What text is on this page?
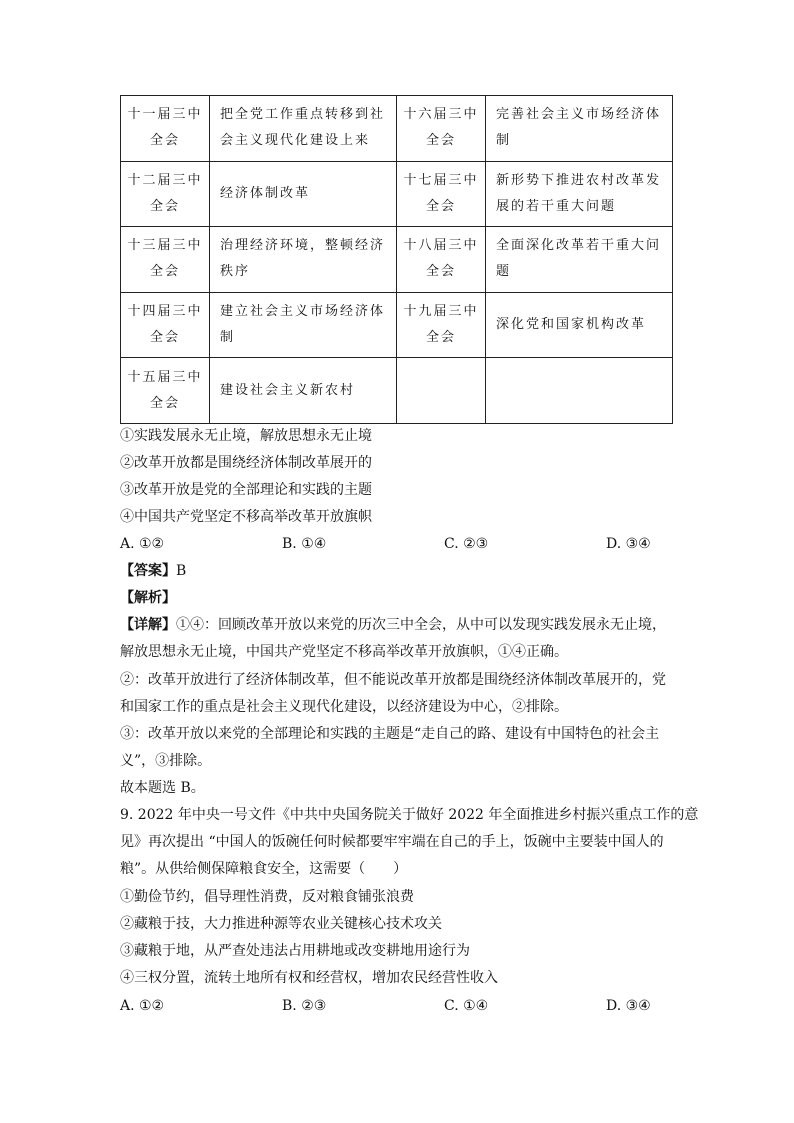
十一届三中全会	把全党工作重点转移到社会主义现代化建设上来	十六届三中全会	完善社会主义市场经济体制
十二届三中全会	经济体制改革	十七届三中全会	新形势下推进农村改革发展的若干重大问题
十三届三中全会	治理经济环境，整顿经济秩序	十八届三中全会	全面深化改革若干重大问题
十四届三中全会	建立社会主义市场经济体制	十九届三中全会	深化党和国家机构改革
十五届三中全会	建设社会主义新农村		
①实践发展永无止境，解放思想永无止境
②改革开放都是围绕经济体制改革展开的
③改革开放是党的全部理论和实践的主题
④中国共产党坚定不移高举改革开放旗帜
A. ①②	B. ①④	C. ②③	D. ③④
【答案】B
【解析】
【详解】①④：回顾改革开放以来党的历次三中全会，从中可以发现实践发展永无止境，
解放思想永无止境，中国共产党坚定不移高举改革开放旗帜，①④正确。
②：改革开放进行了经济体制改革，但不能说改革开放都是围绕经济体制改革展开的，党
和国家工作的重点是社会主义现代化建设，以经济建设为中心，②排除。
③：改革开放以来党的全部理论和实践的主题是“走自己的路、建设有中国特色的社会主
义”，③排除。
故本题选 B。
9. 2022 年中央一号文件《中共中央国务院关于做好 2022 年全面推进乡村振兴重点工作的意
见》再次提出 “中国人的饭碗任何时候都要牢牢端在自己的手上，饭碗中主要装中国人的
粮”。从供给侧保障粮食安全，这需要（　　）
①勤俭节约，倡导理性消费，反对粮食铺张浪费
②藏粮于技，大力推进种源等农业关键核心技术攻关
③藏粮于地，从严查处违法占用耕地或改变耕地用途行为
④三权分置，流转土地所有权和经营权，增加农民经营性收入
A. ①②	B. ②③	C. ①④	D. ③④
